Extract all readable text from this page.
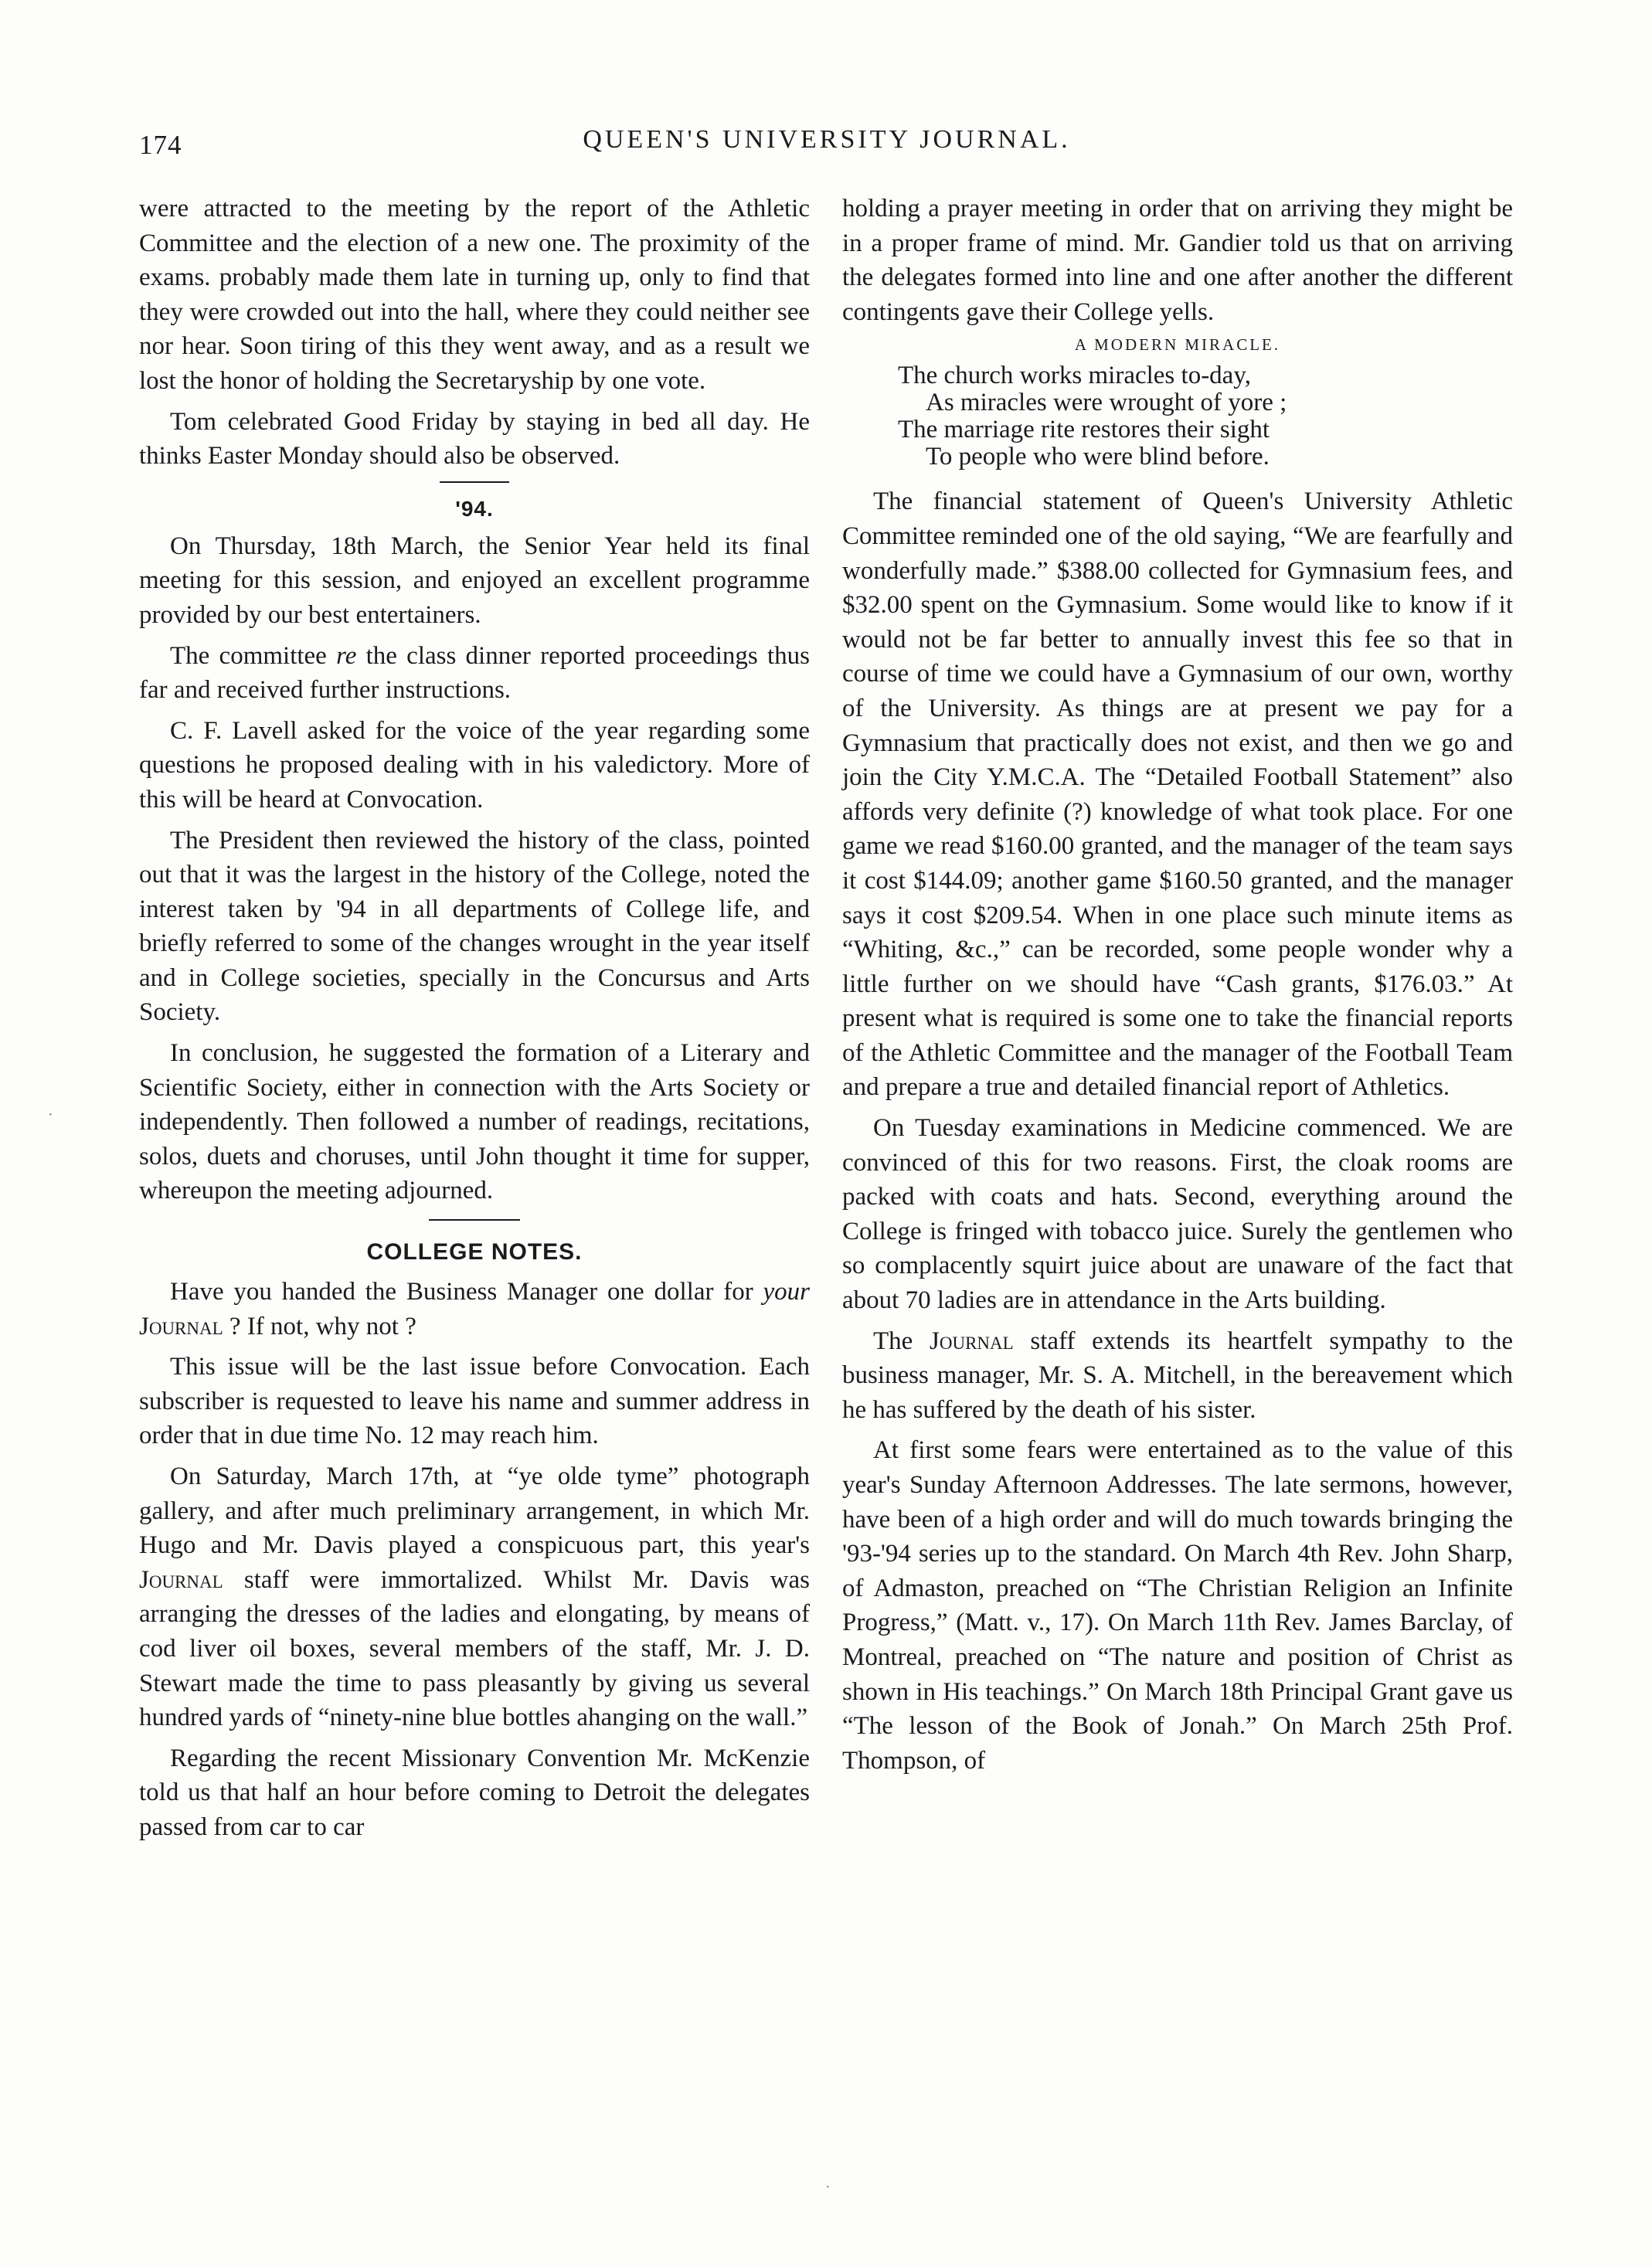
174	QUEEN'S UNIVERSITY JOURNAL.

were attracted to the meeting by the report of the Athletic Committee and the election of a new one. The proximity of the exams. probably made them late in turning up, only to find that they were crowded out into the hall, where they could neither see nor hear. Soon tiring of this they went away, and as a result we lost the honor of holding the Secretaryship by one vote.

Tom celebrated Good Friday by staying in bed all day. He thinks Easter Monday should also be observed.

'94.

On Thursday, 18th March, the Senior Year held its final meeting for this session, and enjoyed an excellent programme provided by our best entertainers.

The committee re the class dinner reported proceedings thus far and received further instructions.

C. F. Lavell asked for the voice of the year regarding some questions he proposed dealing with in his valedictory. More of this will be heard at Convocation.

The President then reviewed the history of the class, pointed out that it was the largest in the history of the College, noted the interest taken by '94 in all departments of College life, and briefly referred to some of the changes wrought in the year itself and in College societies, specially in the Concursus and Arts Society.

In conclusion, he suggested the formation of a Literary and Scientific Society, either in connection with the Arts Society or independently. Then followed a number of readings, recitations, solos, duets and choruses, until John thought it time for supper, whereupon the meeting adjourned.

COLLEGE NOTES.

Have you handed the Business Manager one dollar for your Journal ? If not, why not ?

This issue will be the last issue before Convocation. Each subscriber is requested to leave his name and summer address in order that in due time No. 12 may reach him.

On Saturday, March 17th, at “ye olde tyme” photograph gallery, and after much preliminary arrangement, in which Mr. Hugo and Mr. Davis played a conspicuous part, this year's Journal staff were immortalized. Whilst Mr. Davis was arranging the dresses of the ladies and elongating, by means of cod liver oil boxes, several members of the staff, Mr. J. D. Stewart made the time to pass pleasantly by giving us several hundred yards of “ninety-nine blue bottles ahanging on the wall.”

Regarding the recent Missionary Convention Mr. McKenzie told us that half an hour before coming to Detroit the delegates passed from car to car

holding a prayer meeting in order that on arriving they might be in a proper frame of mind. Mr. Gandier told us that on arriving the delegates formed into line and one after another the different contingents gave their College yells.

A MODERN MIRACLE.
The church works miracles to-day,
As miracles were wrought of yore ;
The marriage rite restores their sight
To people who were blind before.

The financial statement of Queen's University Athletic Committee reminded one of the old saying, “We are fearfully and wonderfully made.” $388.00 collected for Gymnasium fees, and $32.00 spent on the Gymnasium. Some would like to know if it would not be far better to annually invest this fee so that in course of time we could have a Gymnasium of our own, worthy of the University. As things are at present we pay for a Gymnasium that practically does not exist, and then we go and join the City Y.M.C.A. The “Detailed Football Statement” also affords very definite (?) knowledge of what took place. For one game we read $160.00 granted, and the manager of the team says it cost $144.09; another game $160.50 granted, and the manager says it cost $209.54. When in one place such minute items as “Whiting, &c.,” can be recorded, some people wonder why a little further on we should have “Cash grants, $176.03.” At present what is required is some one to take the financial reports of the Athletic Committee and the manager of the Football Team and prepare a true and detailed financial report of Athletics.

On Tuesday examinations in Medicine commenced. We are convinced of this for two reasons. First, the cloak rooms are packed with coats and hats. Second, everything around the College is fringed with tobacco juice. Surely the gentlemen who so complacently squirt juice about are unaware of the fact that about 70 ladies are in attendance in the Arts building.

The Journal staff extends its heartfelt sympathy to the business manager, Mr. S. A. Mitchell, in the bereavement which he has suffered by the death of his sister.

At first some fears were entertained as to the value of this year's Sunday Afternoon Addresses. The late sermons, however, have been of a high order and will do much towards bringing the '93-'94 series up to the standard. On March 4th Rev. John Sharp, of Admaston, preached on “The Christian Religion an Infinite Progress,” (Matt. v., 17). On March 11th Rev. James Barclay, of Montreal, preached on “The nature and position of Christ as shown in His teachings.” On March 18th Principal Grant gave us “The lesson of the Book of Jonah.” On March 25th Prof. Thompson, of

·
·
